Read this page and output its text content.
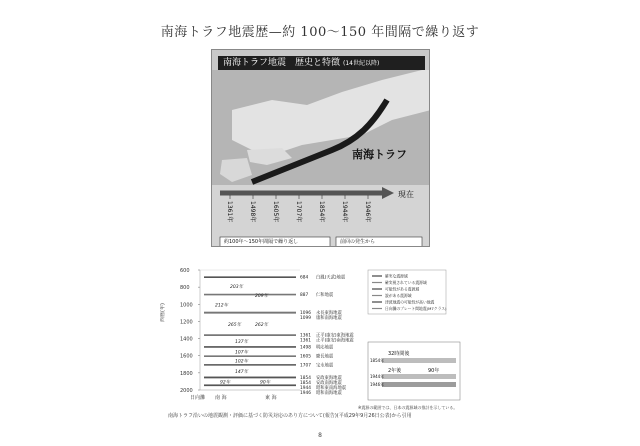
南海トラフ地震歴—約 100〜150 年間隔で繰り返す
南海トラフ地震　歴史と特徴 (14世紀以降)
南海トラフ
現在
1361年	1498年	1605年	1707年	1854年	1944年	1946年
約100年〜150年間隔で繰り返し	前回の発生から
西暦(年)
600
800
1000
1200
1400
1600
1800
2000
684 白鳳(天武)地震
887 仁和地震
1096 永長東海地震
1099 康和南海地震
1361 正平(康安)東海地震
1361 正平(康安)南海地震
1498 明応地震
1605 慶長地震
1707 宝永地震
1854 安政東海地震
1854 安政南海地震
1944 昭和東南海地震
1946 昭和南海地震
203年
209年
212年
265年	262年
137年
107年
102年
147年
92年	90年
日向灘 南 海	東 海
確実な震源域
確実視されている震源域
可能性がある震源域
説がある震源域
津波地震の可能性が高い地震
日向灘のプレート間地震(M7クラス)
32時間後
2年後	90年
1854年
1944年
1946年
※震源の範囲では、日本の震源域の推計を示している。
南海トラフ沿いの地震観測・評価に基づく防災対応のあり方について(報告)(平成29年9月26日公表)から引用
8
